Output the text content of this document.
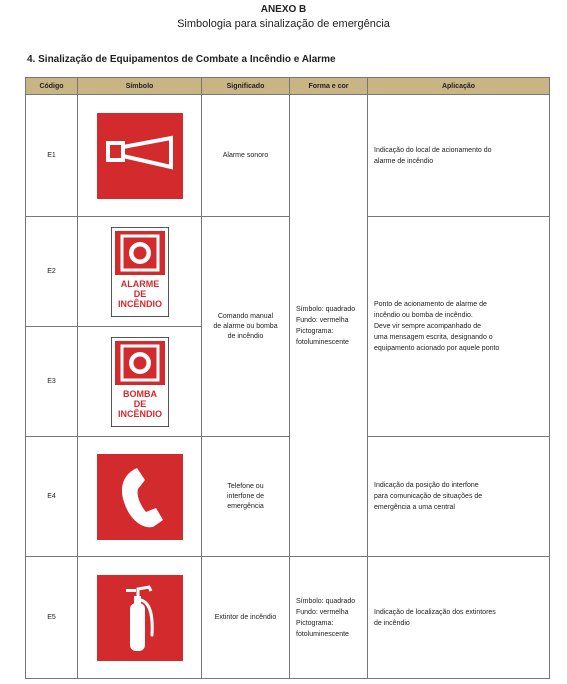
ANEXO B
Simbologia para sinalização de emergência
4. Sinalização de Equipamentos de Combate a Incêndio e Alarme
Código	Símbolo	Significado	Forma e cor	Aplicação
E1		Alarme sonoro	Símbolo: quadrado
Fundo: vermelha
Pictograma:
fotoluminescente	Indicação do local de acionamento do
alarme de incêndio

E2	ALARME
DE
INCÊNDIO	Comando manual
de alarme ou bomba
de incêndio		Ponto de acionamento de alarme de
incêndio ou bomba de incêndio.
Deve vir sempre acompanhado de
uma mensagem escrita, designando o
equipamento acionado por aquele ponto

E3	BOMBA
DE
INCÊNDIO			

E4		Telefone ou
interfone de
emergência		Indicação da posição do interfone
para comunicação de situações de
emergência a uma central

E5		Extintor de incêndio	Símbolo: quadrado
Fundo: vermelha
Pictograma:
fotoluminescente	Indicação de localização dos extintores
de incêndio
